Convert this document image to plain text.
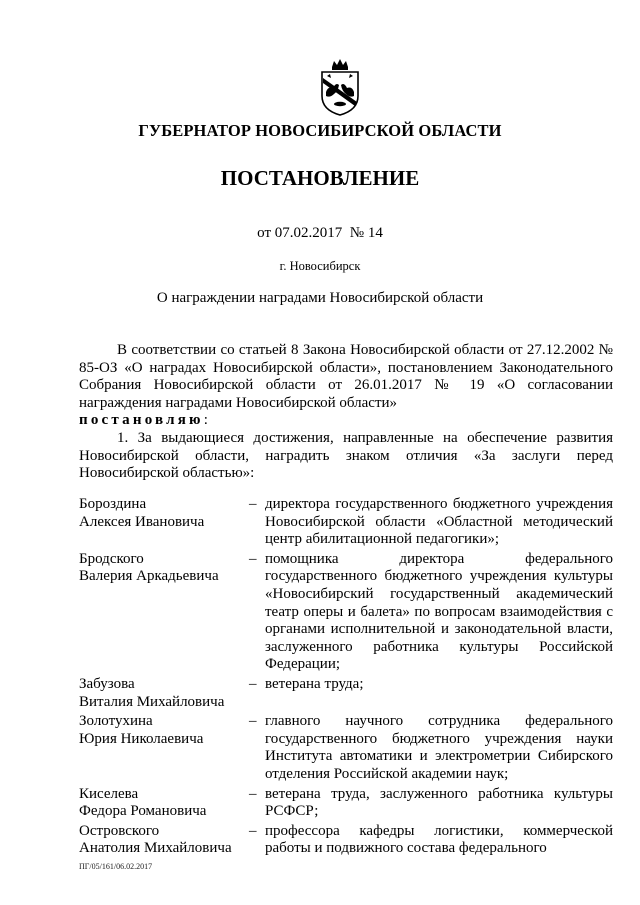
ГУБЕРНАТОР НОВОСИБИРСКОЙ ОБЛАСТИ
ПОСТАНОВЛЕНИЕ
от 07.02.2017  № 14
г. Новосибирск
О награждении наградами Новосибирской области

В соответствии со статьей 8 Закона Новосибирской области от 27.12.2002 № 85-ОЗ «О наградах Новосибирской области», постановлением Законодательного Собрания Новосибирской области от 26.01.2017 № 19 «О согласовании награждения наградами Новосибирской области»
постановляю:

1. За выдающиеся достижения, направленные на обеспечение развития Новосибирской области, наградить знаком отличия «За заслуги перед Новосибирской областью»:

Бороздина
Алексея Ивановича
– директора государственного бюджетного учреждения Новосибирской области «Областной методический центр абилитационной педагогики»;
Бродского
Валерия Аркадьевича
– помощника директора федерального государственного бюджетного учреждения культуры «Новосибирский государственный академический театр оперы и балета» по вопросам взаимодействия с органами исполнительной и законодательной власти, заслуженного работника культуры Российской Федерации;
Забузова
Виталия Михайловича
– ветерана труда;
Золотухина
Юрия Николаевича
– главного научного сотрудника федерального государственного бюджетного учреждения науки Института автоматики и электрометрии Сибирского отделения Российской академии наук;
Киселева
Федора Романовича
– ветерана труда, заслуженного работника культуры РСФСР;
Островского
Анатолия Михайловича
– профессора кафедры логистики, коммерческой работы и подвижного состава федерального
ПГ/05/161/06.02.2017
